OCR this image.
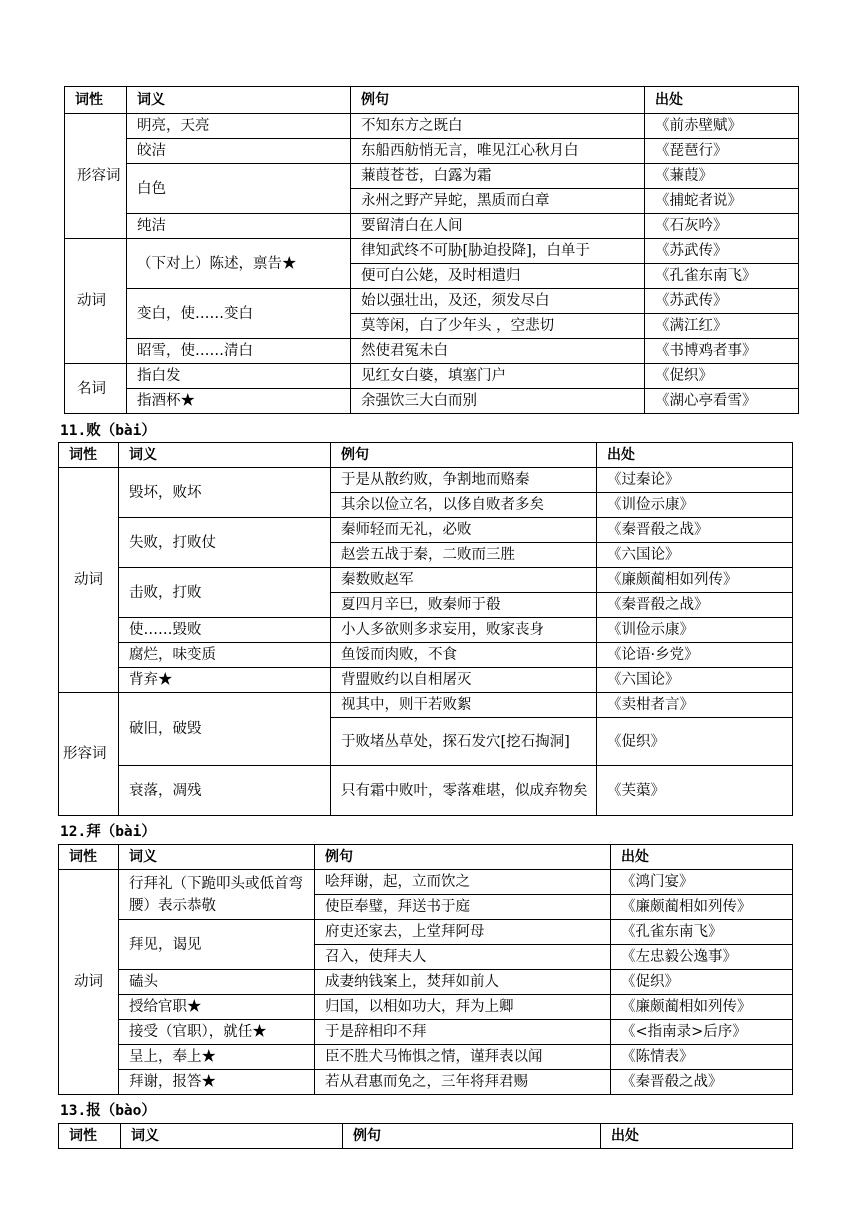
词性	词义	例句	出处
形容词	明亮，天亮	不知东方之既白	《前赤壁赋》
	皎洁	东船西舫悄无言，唯见江心秋月白	《琵琶行》
	白色	蒹葭苍苍，白露为霜	《蒹葭》
		永州之野产异蛇，黑质而白章	《捕蛇者说》
	纯洁	要留清白在人间	《石灰吟》
动词	（下对上）陈述，禀告★	律知武终不可胁[胁迫投降]，白单于	《苏武传》
		便可白公姥，及时相遣归	《孔雀东南飞》
	变白，使……变白	始以强壮出，及还，须发尽白	《苏武传》
		莫等闲，白了少年头 ，空悲切	《满江红》
	昭雪，使……清白	然使君冤未白	《书博鸡者事》
名词	指白发	见红女白婆，填塞门户	《促织》
	指酒杯★	余强饮三大白而别	《湖心亭看雪》
11.败（bài）
词性	词义	例句	出处
动词	毁坏，败坏	于是从散约败，争割地而赂秦	《过秦论》
		其余以俭立名，以侈自败者多矣	《训俭示康》
	失败，打败仗	秦师轻而无礼，必败	《秦晋殽之战》
		赵尝五战于秦，二败而三胜	《六国论》
	击败，打败	秦数败赵军	《廉颇蔺相如列传》
		夏四月辛巳，败秦师于殽	《秦晋殽之战》
	使……毁败	小人多欲则多求妄用，败家丧身	《训俭示康》
	腐烂，味变质	鱼馁而肉败，不食	《论语·乡党》
	背弃★	背盟败约以自相屠灭	《六国论》
形容词	破旧，破毁	视其中，则干若败絮	《卖柑者言》
		于败堵丛草处，探石发穴[挖石掏洞]	《促织》
	衰落，凋残	只有霜中败叶，零落难堪，似成弃物矣	《芙蕖》
12.拜（bài）
词性	词义	例句	出处
动词	行拜礼（下跪叩头或低首弯腰）表示恭敬	哙拜谢，起，立而饮之	《鸿门宴》
		使臣奉璧，拜送书于庭	《廉颇蔺相如列传》
	拜见，谒见	府吏还家去，上堂拜阿母	《孔雀东南飞》
		召入，使拜夫人	《左忠毅公逸事》
	磕头	成妻纳钱案上，焚拜如前人	《促织》
	授给官职★	归国，以相如功大，拜为上卿	《廉颇蔺相如列传》
	接受（官职），就任★	于是辞相印不拜	《<指南录>后序》
	呈上，奉上★	臣不胜犬马怖惧之情，谨拜表以闻	《陈情表》
	拜谢，报答★	若从君惠而免之，三年将拜君赐	《秦晋殽之战》
13.报（bào）
词性	词义	例句	出处
